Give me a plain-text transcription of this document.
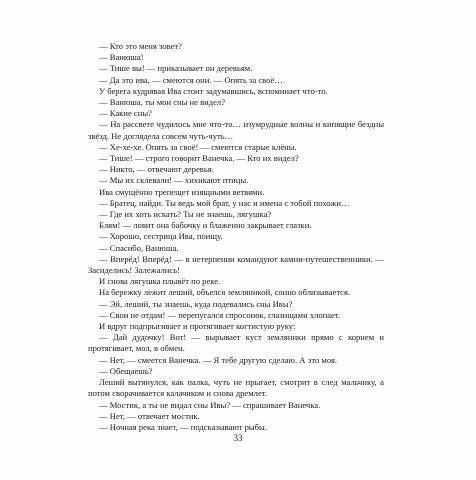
— Кто это меня зовет?

— Ванюша!

— Тише вы! — приказывает он деревьям.

— Да это ива, — смеются они. — Опять за своё…

У берега кудрявая Ива стоит задумавшись, вспоминает что-то.

— Ванюша, ты мои сны не видел?

— Какие сны?

— На рассвете чудилось мне что-то… изумрудные волны и кипящие бездны звёзд. Не доглядела совсем чуть-чуть…

— Хе-хе-хе. Опять за своё! — смеются старые клёны.

— Тише! — строго говорит Ванечка. — Кто их видел?

— Никто, — отвечают деревья.

— Мы их склевали! — хихикают птицы.

Ива смущённо трепещет изящными ветвями.

— Братец, найди. Ты ведь мой брат, у нас и имена с тобой похожи…

— Где их хоть искать? Ты не знаешь, лягушка?

Блям! — ловит она бабочку и блаженно закрывает глазки.

— Хорошо, сестрица Ива, поищу.

— Спасибо, Ванюша.

— Вперёд! Вперёд! — в нетерпении командуют камни-путешественники. — Засиделись! Залежались!

И снова лягушка плывёт по реке.

На бережку лежит леший, объелся земляникой, сонно облизывается.

— Эй, леший, ты знаешь, куда подевались сны Ивы?

— Свои не отдам! — перепугался спросонок, глазищами хлопает.

И вдруг подпрыгивает и протягивает когтистую руку:

— Дай дудочку! Вот! — вырывает куст земляники прямо с корнем и протягивает, мол, в обмен.

— Нет, — смеется Ванечка. — Я тебе другую сделаю. А это моя.

— Обещаешь?

Леший вытянулся, как палка, чуть не прыгает, смотрит в след мальчику, а потом сворачивается калачиком и снова дремлет.

— Мостик, а ты не видал сны Ивы? — спрашивает Ванечка.

— Нет, — отвечает мостик.

— Ночная река знает, — подсказывают рыбы.

33
